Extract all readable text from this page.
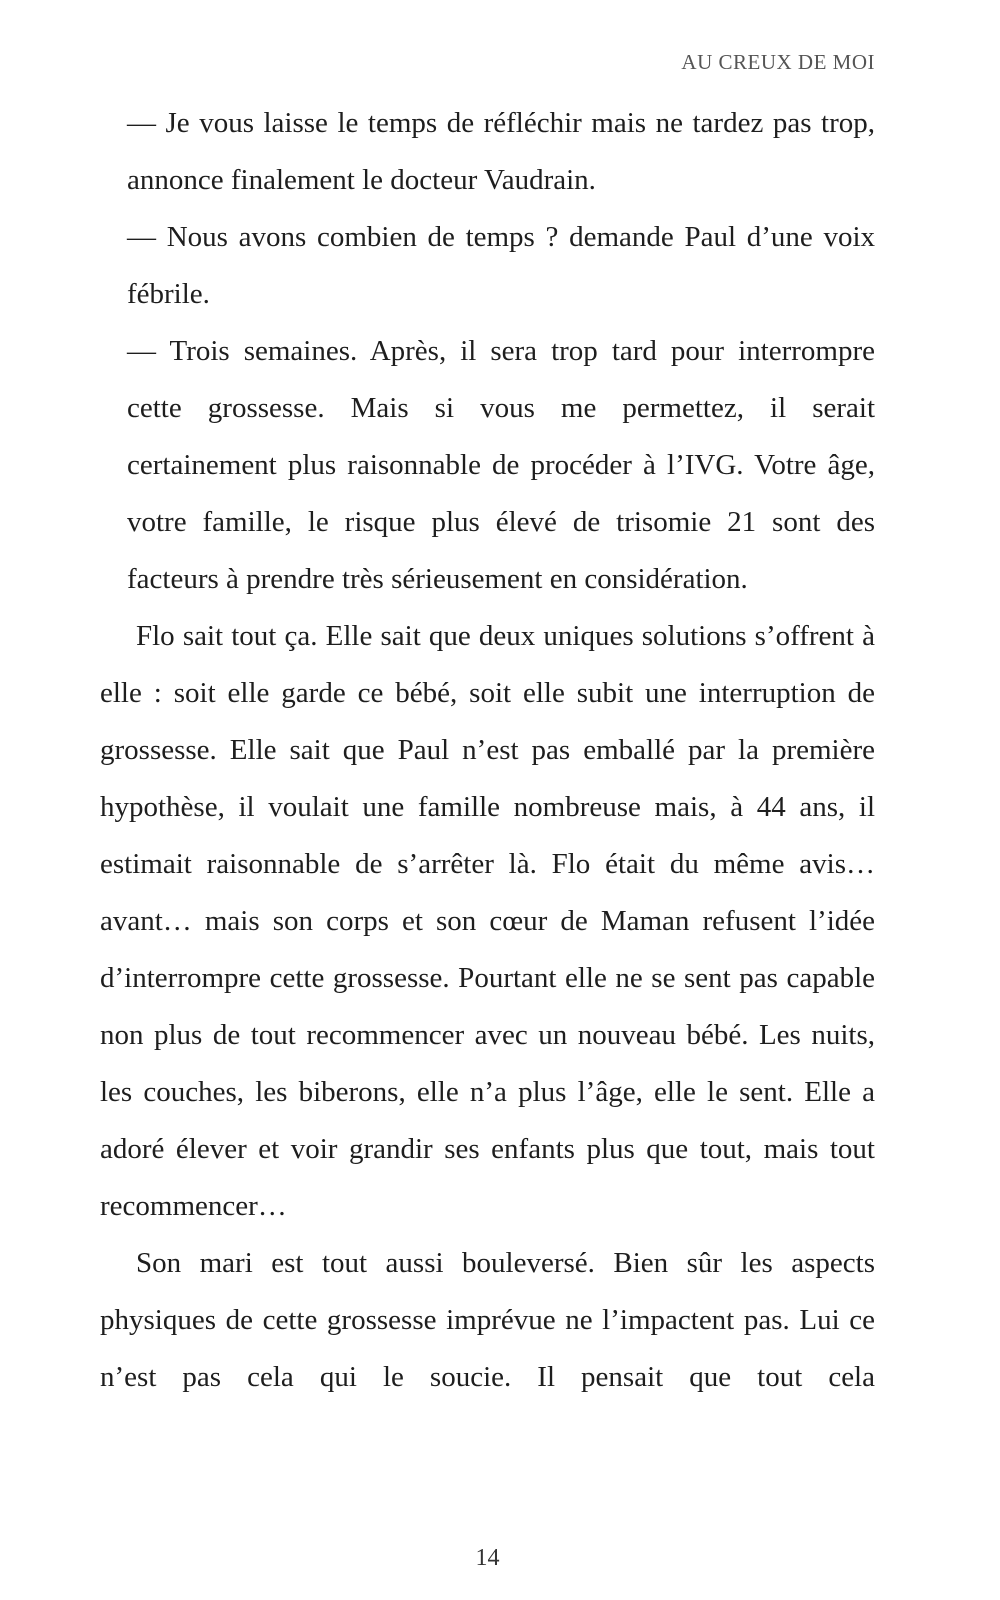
AU CREUX DE MOI

— Je vous laisse le temps de réfléchir mais ne tardez pas trop, annonce finalement le docteur Vaudrain.

— Nous avons combien de temps ? demande Paul d’une voix fébrile.

— Trois semaines. Après, il sera trop tard pour interrompre cette grossesse. Mais si vous me permettez, il serait certainement plus raisonnable de procéder à l’IVG. Votre âge, votre famille, le risque plus élevé de trisomie 21 sont des facteurs à prendre très sérieusement en considération.

Flo sait tout ça. Elle sait que deux uniques solutions s’offrent à elle : soit elle garde ce bébé, soit elle subit une interruption de grossesse. Elle sait que Paul n’est pas emballé par la première hypothèse, il voulait une famille nombreuse mais, à 44 ans, il estimait raisonnable de s’arrêter là. Flo était du même avis… avant… mais son corps et son cœur de Maman refusent l’idée d’interrompre cette grossesse. Pourtant elle ne se sent pas capable non plus de tout recommencer avec un nouveau bébé. Les nuits, les couches, les biberons, elle n’a plus l’âge, elle le sent. Elle a adoré élever et voir grandir ses enfants plus que tout, mais tout recommencer…

Son mari est tout aussi bouleversé. Bien sûr les aspects physiques de cette grossesse imprévue ne l’impactent pas. Lui ce n’est pas cela qui le soucie. Il pensait que tout cela

14
